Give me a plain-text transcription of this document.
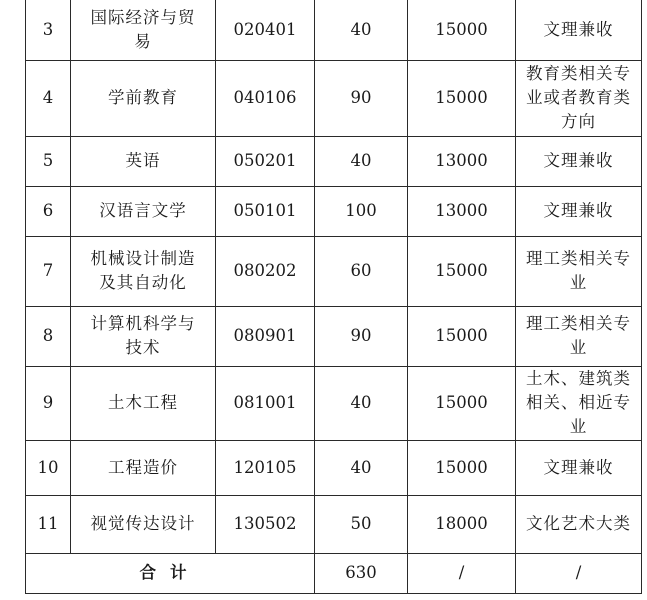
3	国际经济与贸易	020401	40	15000	文理兼收
4	学前教育	040106	90	15000	教育类相关专业或者教育类方向
5	英语	050201	40	13000	文理兼收
6	汉语言文学	050101	100	13000	文理兼收
7	机械设计制造及其自动化	080202	60	15000	理工类相关专业
8	计算机科学与技术	080901	90	15000	理工类相关专业
9	土木工程	081001	40	15000	土木、建筑类相关、相近专业
10	工程造价	120105	40	15000	文理兼收
11	视觉传达设计	130502	50	18000	文化艺术大类
合计			630	/	/
